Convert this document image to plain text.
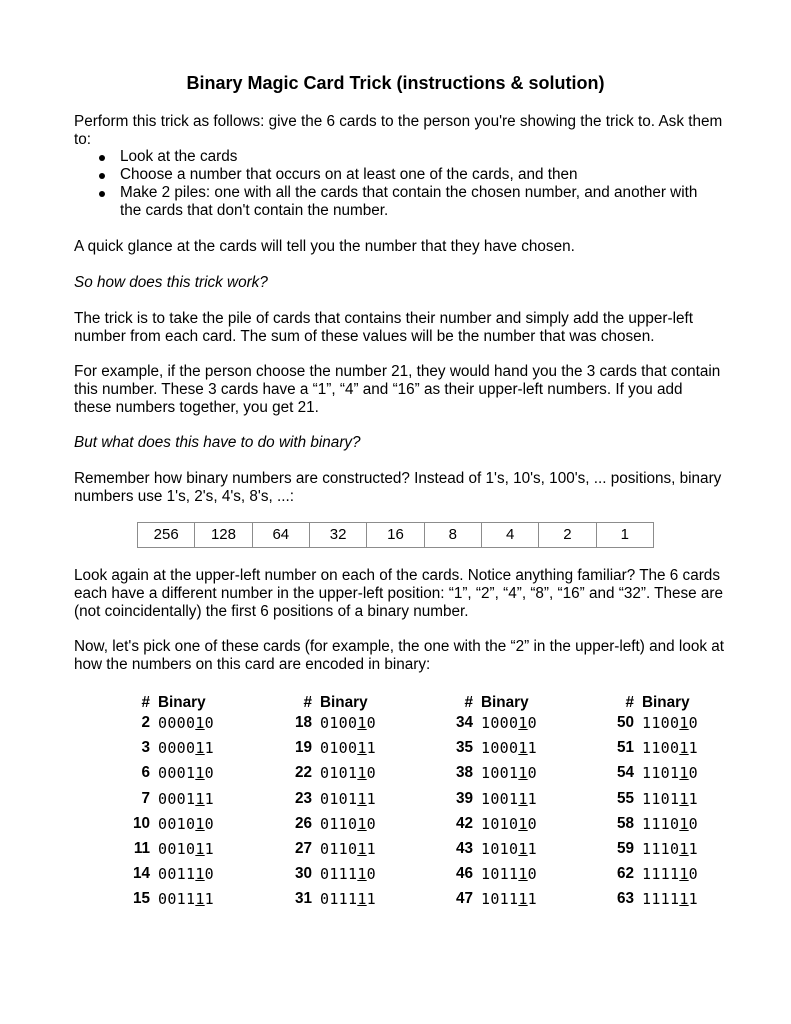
Binary Magic Card Trick (instructions & solution)

Perform this trick as follows: give the 6 cards to the person you're showing the trick to. Ask them to:

Look at the cards
Choose a number that occurs on at least one of the cards, and then
Make 2 piles: one with all the cards that contain the chosen number, and another with the cards that don't contain the number.

A quick glance at the cards will tell you the number that they have chosen.

So how does this trick work?

The trick is to take the pile of cards that contains their number and simply add the upper-left number from each card. The sum of these values will be the number that was chosen.

For example, if the person choose the number 21, they would hand you the 3 cards that contain this number. These 3 cards have a “1”, “4” and “16” as their upper-left numbers. If you add these numbers together, you get 21.

But what does this have to do with binary?

Remember how binary numbers are constructed? Instead of 1's, 10's, 100's, ... positions, binary numbers use 1's, 2's, 4's, 8's, ...:

256	128	64	32	16	8	4	2	1

Look again at the upper-left number on each of the cards. Notice anything familiar? The 6 cards each have a different number in the upper-left position: “1”, “2”, “4”, “8”, “16” and “32”. These are (not coincidentally) the first 6 positions of a binary number.

Now, let's pick one of these cards (for example, the one with the “2” in the upper-left) and look at how the numbers on this card are encoded in binary:

# Binary
2 000010
3 000011
6 000110
7 000111
10 001010
11 001011
14 001110
15 001111
# Binary
18 010010
19 010011
22 010110
23 010111
26 011010
27 011011
30 011110
31 011111
# Binary
34 100010
35 100011
38 100110
39 100111
42 101010
43 101011
46 101110
47 101111
# Binary
50 110010
51 110011
54 110110
55 110111
58 111010
59 111011
62 111110
63 111111
